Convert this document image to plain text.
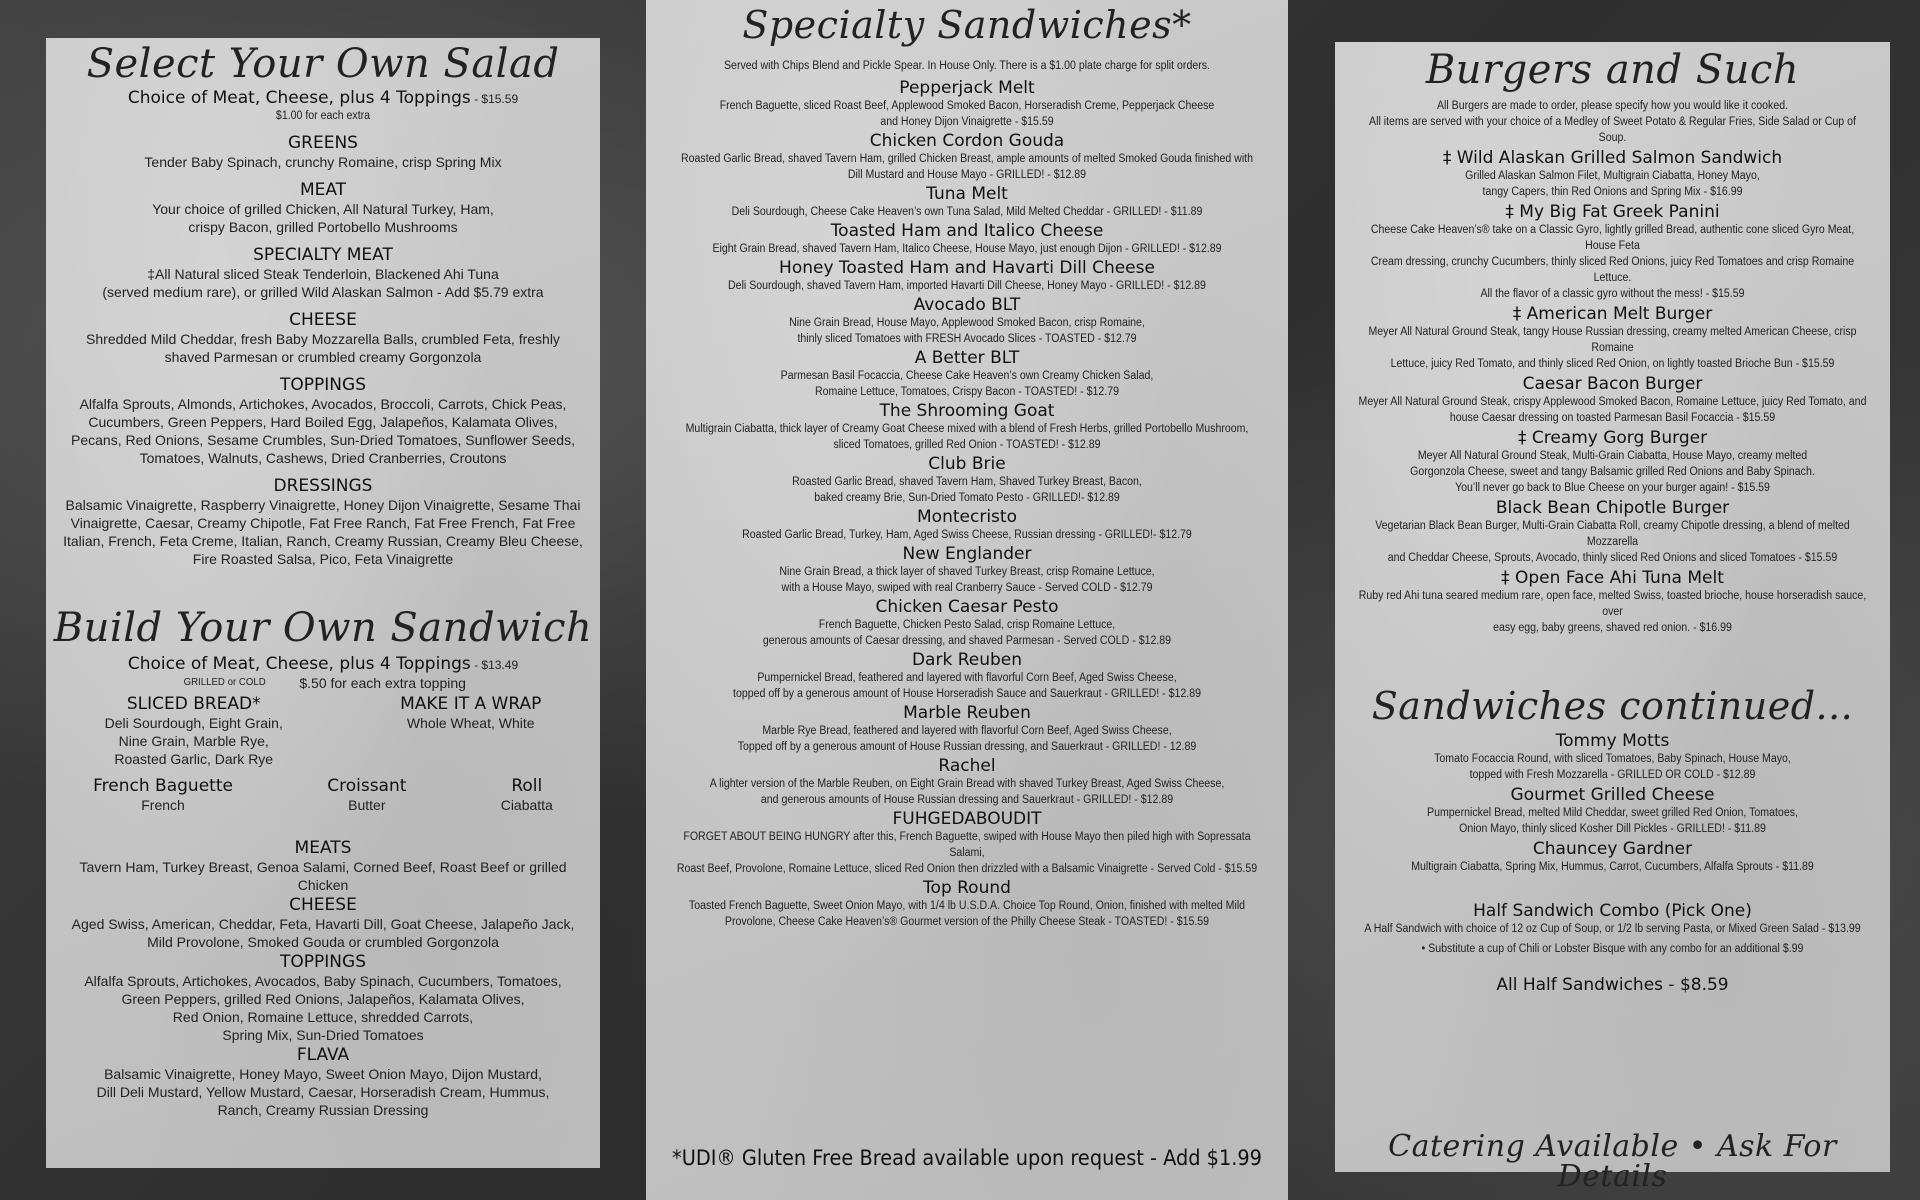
Select Your Own Salad
Choice of Meat, Cheese, plus 4 Toppings - $15.59

$1.00 for each extra

GREENS

Tender Baby Spinach, crunchy Romaine, crisp Spring Mix

MEAT

Your choice of grilled Chicken, All Natural Turkey, Ham,

crispy Bacon, grilled Portobello Mushrooms

SPECIALTY MEAT

‡All Natural sliced Steak Tenderloin, Blackened Ahi Tuna

(served medium rare), or grilled Wild Alaskan Salmon - Add $5.79 extra

CHEESE

Shredded Mild Cheddar, fresh Baby Mozzarella Balls, crumbled Feta, freshly

shaved Parmesan or crumbled creamy Gorgonzola

TOPPINGS

Alfalfa Sprouts, Almonds, Artichokes, Avocados, Broccoli, Carrots, Chick Peas,

Cucumbers, Green Peppers, Hard Boiled Egg, Jalapeños, Kalamata Olives,

Pecans, Red Onions, Sesame Crumbles, Sun-Dried Tomatoes, Sunflower Seeds,

Tomatoes, Walnuts, Cashews, Dried Cranberries, Croutons

DRESSINGS

Balsamic Vinaigrette, Raspberry Vinaigrette, Honey Dijon Vinaigrette, Sesame Thai

Vinaigrette, Caesar, Creamy Chipotle, Fat Free Ranch, Fat Free French, Fat Free

Italian, French, Feta Creme, Italian, Ranch, Creamy Russian, Creamy Bleu Cheese,

Fire Roasted Salsa, Pico, Feta Vinaigrette

Build Your Own Sandwich
Choice of Meat, Cheese, plus 4 Toppings - $13.49
GRILLED or COLD $.50 for each extra topping

SLICED BREAD*

Deli Sourdough, Eight Grain,

Nine Grain, Marble Rye,

Roasted Garlic, Dark Rye

MAKE IT A WRAP

Whole Wheat, White

French Baguette

French

Croissant

Butter

Roll

Ciabatta

MEATS

Tavern Ham, Turkey Breast, Genoa Salami, Corned Beef, Roast Beef or grilled

Chicken

CHEESE

Aged Swiss, American, Cheddar, Feta, Havarti Dill, Goat Cheese, Jalapeño Jack,

Mild Provolone, Smoked Gouda or crumbled Gorgonzola

TOPPINGS

Alfalfa Sprouts, Artichokes, Avocados, Baby Spinach, Cucumbers, Tomatoes,

Green Peppers, grilled Red Onions, Jalapeños, Kalamata Olives,

Red Onion, Romaine Lettuce, shredded Carrots,

Spring Mix, Sun-Dried Tomatoes

FLAVA

Balsamic Vinaigrette, Honey Mayo, Sweet Onion Mayo, Dijon Mustard,

Dill Deli Mustard, Yellow Mustard, Caesar, Horseradish Cream, Hummus,

Ranch, Creamy Russian Dressing

Specialty Sandwiches*

Served with Chips Blend and Pickle Spear. In House Only. There is a $1.00 plate charge for split orders.

Pepperjack Melt

French Baguette, sliced Roast Beef, Applewood Smoked Bacon, Horseradish Creme, Pepperjack Cheese

and Honey Dijon Vinaigrette - $15.59

Chicken Cordon Gouda

Roasted Garlic Bread, shaved Tavern Ham, grilled Chicken Breast, ample amounts of melted Smoked Gouda finished with

Dill Mustard and House Mayo - GRILLED! - $12.89

Tuna Melt

Deli Sourdough, Cheese Cake Heaven’s own Tuna Salad, Mild Melted Cheddar - GRILLED! - $11.89

Toasted Ham and Italico Cheese

Eight Grain Bread, shaved Tavern Ham, Italico Cheese, House Mayo, just enough Dijon - GRILLED! - $12.89

Honey Toasted Ham and Havarti Dill Cheese

Deli Sourdough, shaved Tavern Ham, imported Havarti Dill Cheese, Honey Mayo - GRILLED! - $12.89

Avocado BLT

Nine Grain Bread, House Mayo, Applewood Smoked Bacon, crisp Romaine,

thinly sliced Tomatoes with FRESH Avocado Slices - TOASTED - $12.79

A Better BLT

Parmesan Basil Focaccia, Cheese Cake Heaven’s own Creamy Chicken Salad,

Romaine Lettuce, Tomatoes, Crispy Bacon - TOASTED! - $12.79

The Shrooming Goat

Multigrain Ciabatta, thick layer of Creamy Goat Cheese mixed with a blend of Fresh Herbs, grilled Portobello Mushroom,

sliced Tomatoes, grilled Red Onion - TOASTED! - $12.89

Club Brie

Roasted Garlic Bread, shaved Tavern Ham, Shaved Turkey Breast, Bacon,

baked creamy Brie, Sun-Dried Tomato Pesto - GRILLED!- $12.89

Montecristo

Roasted Garlic Bread, Turkey, Ham, Aged Swiss Cheese, Russian dressing - GRILLED!- $12.79

New Englander

Nine Grain Bread, a thick layer of shaved Turkey Breast, crisp Romaine Lettuce,

with a House Mayo, swiped with real Cranberry Sauce - Served COLD - $12.79

Chicken Caesar Pesto

French Baguette, Chicken Pesto Salad, crisp Romaine Lettuce,

generous amounts of Caesar dressing, and shaved Parmesan - Served COLD - $12.89

Dark Reuben

Pumpernickel Bread, feathered and layered with flavorful Corn Beef, Aged Swiss Cheese,

topped off by a generous amount of House Horseradish Sauce and Sauerkraut - GRILLED! - $12.89

Marble Reuben

Marble Rye Bread, feathered and layered with flavorful Corn Beef, Aged Swiss Cheese,

Topped off by a generous amount of House Russian dressing, and Sauerkraut - GRILLED! - 12.89

Rachel

A lighter version of the Marble Reuben, on Eight Grain Bread with shaved Turkey Breast, Aged Swiss Cheese,

and generous amounts of House Russian dressing and Sauerkraut - GRILLED! - $12.89

FUHGEDABOUDIT

FORGET ABOUT BEING HUNGRY after this, French Baguette, swiped with House Mayo then piled high with Sopressata Salami,

Roast Beef, Provolone, Romaine Lettuce, sliced Red Onion then drizzled with a Balsamic Vinaigrette - Served Cold - $15.59

Top Round

Toasted French Baguette, Sweet Onion Mayo, with 1/4 lb U.S.D.A. Choice Top Round, Onion, finished with melted Mild

Provolone, Cheese Cake Heaven’s® Gourmet version of the Philly Cheese Steak - TOASTED! - $15.59

*UDI® Gluten Free Bread available upon request - Add $1.99

Burgers and Such

All Burgers are made to order, please specify how you would like it cooked.

All items are served with your choice of a Medley of Sweet Potato & Regular Fries, Side Salad or Cup of Soup.

‡ Wild Alaskan Grilled Salmon Sandwich

Grilled Alaskan Salmon Filet, Multigrain Ciabatta, Honey Mayo,

tangy Capers, thin Red Onions and Spring Mix - $16.99

‡ My Big Fat Greek Panini

Cheese Cake Heaven’s® take on a Classic Gyro, lightly grilled Bread, authentic cone sliced Gyro Meat, House Feta

Cream dressing, crunchy Cucumbers, thinly sliced Red Onions, juicy Red Tomatoes and crisp Romaine Lettuce.

All the flavor of a classic gyro without the mess! - $15.59

‡ American Melt Burger

Meyer All Natural Ground Steak, tangy House Russian dressing, creamy melted American Cheese, crisp Romaine

Lettuce, juicy Red Tomato, and thinly sliced Red Onion, on lightly toasted Brioche Bun - $15.59

Caesar Bacon Burger

Meyer All Natural Ground Steak, crispy Applewood Smoked Bacon, Romaine Lettuce, juicy Red Tomato, and

house Caesar dressing on toasted Parmesan Basil Focaccia - $15.59

‡ Creamy Gorg Burger

Meyer All Natural Ground Steak, Multi-Grain Ciabatta, House Mayo, creamy melted

Gorgonzola Cheese, sweet and tangy Balsamic grilled Red Onions and Baby Spinach.

You’ll never go back to Blue Cheese on your burger again! - $15.59

Black Bean Chipotle Burger

Vegetarian Black Bean Burger, Multi-Grain Ciabatta Roll, creamy Chipotle dressing, a blend of melted Mozzarella

and Cheddar Cheese, Sprouts, Avocado, thinly sliced Red Onions and sliced Tomatoes - $15.59

‡ Open Face Ahi Tuna Melt

Ruby red Ahi tuna seared medium rare, open face, melted Swiss, toasted brioche, house horseradish sauce, over

easy egg, baby greens, shaved red onion. - $16.99

Sandwiches continued...

Tommy Motts

Tomato Focaccia Round, with sliced Tomatoes, Baby Spinach, House Mayo,

topped with Fresh Mozzarella - GRILLED OR COLD - $12.89

Gourmet Grilled Cheese

Pumpernickel Bread, melted Mild Cheddar, sweet grilled Red Onion, Tomatoes,

Onion Mayo, thinly sliced Kosher Dill Pickles - GRILLED! - $11.89

Chauncey Gardner

Multigrain Ciabatta, Spring Mix, Hummus, Carrot, Cucumbers, Alfalfa Sprouts - $11.89

Half Sandwich Combo (Pick One)

A Half Sandwich with choice of 12 oz Cup of Soup, or 1/2 lb serving Pasta, or Mixed Green Salad - $13.99

• Substitute a cup of Chili or Lobster Bisque with any combo for an additional $.99

All Half Sandwiches - $8.59

Catering Available • Ask For Details
